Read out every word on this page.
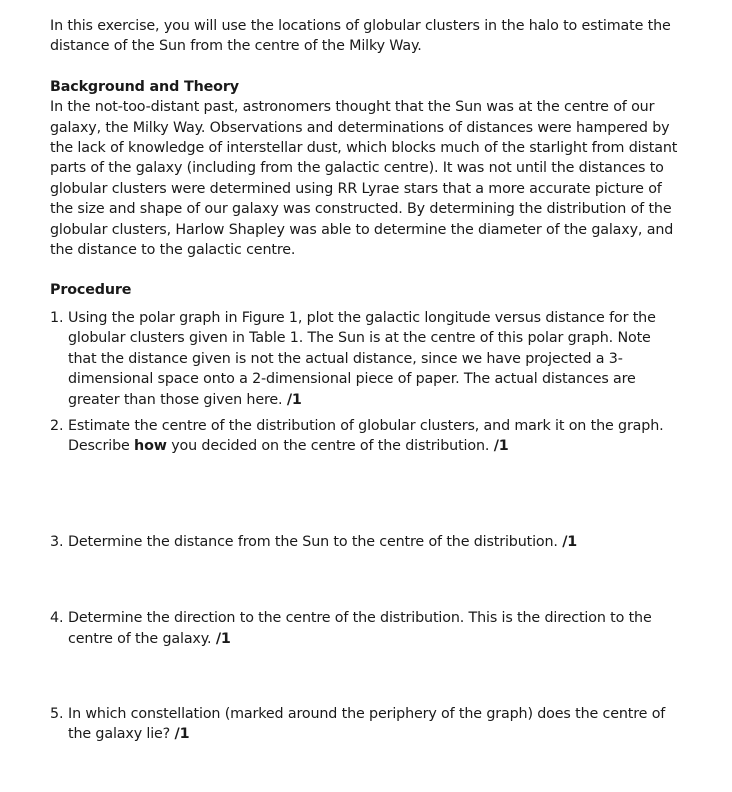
In this exercise, you will use the locations of globular clusters in the halo to estimate the distance of the Sun from the centre of the Milky Way.

Background and Theory

In the not-too-distant past, astronomers thought that the Sun was at the centre of our galaxy, the Milky Way. Observations and determinations of distances were hampered by the lack of knowledge of interstellar dust, which blocks much of the starlight from distant parts of the galaxy (including from the galactic centre). It was not until the distances to globular clusters were determined using RR Lyrae stars that a more accurate picture of the size and shape of our galaxy was constructed. By determining the distribution of the globular clusters, Harlow Shapley was able to determine the diameter of the galaxy, and the distance to the galactic centre.

Procedure
1. Using the polar graph in Figure 1, plot the galactic longitude versus distance for the globular clusters given in Table 1. The Sun is at the centre of this polar graph. Note that the distance given is not the actual distance, since we have projected a 3-dimensional space onto a 2-dimensional piece of paper. The actual distances are greater than those given here. /1
2. Estimate the centre of the distribution of globular clusters, and mark it on the graph. Describe how you decided on the centre of the distribution. /1
3. Determine the distance from the Sun to the centre of the distribution. /1
4. Determine the direction to the centre of the distribution. This is the direction to the centre of the galaxy. /1
5. In which constellation (marked around the periphery of the graph) does the centre of the galaxy lie? /1
